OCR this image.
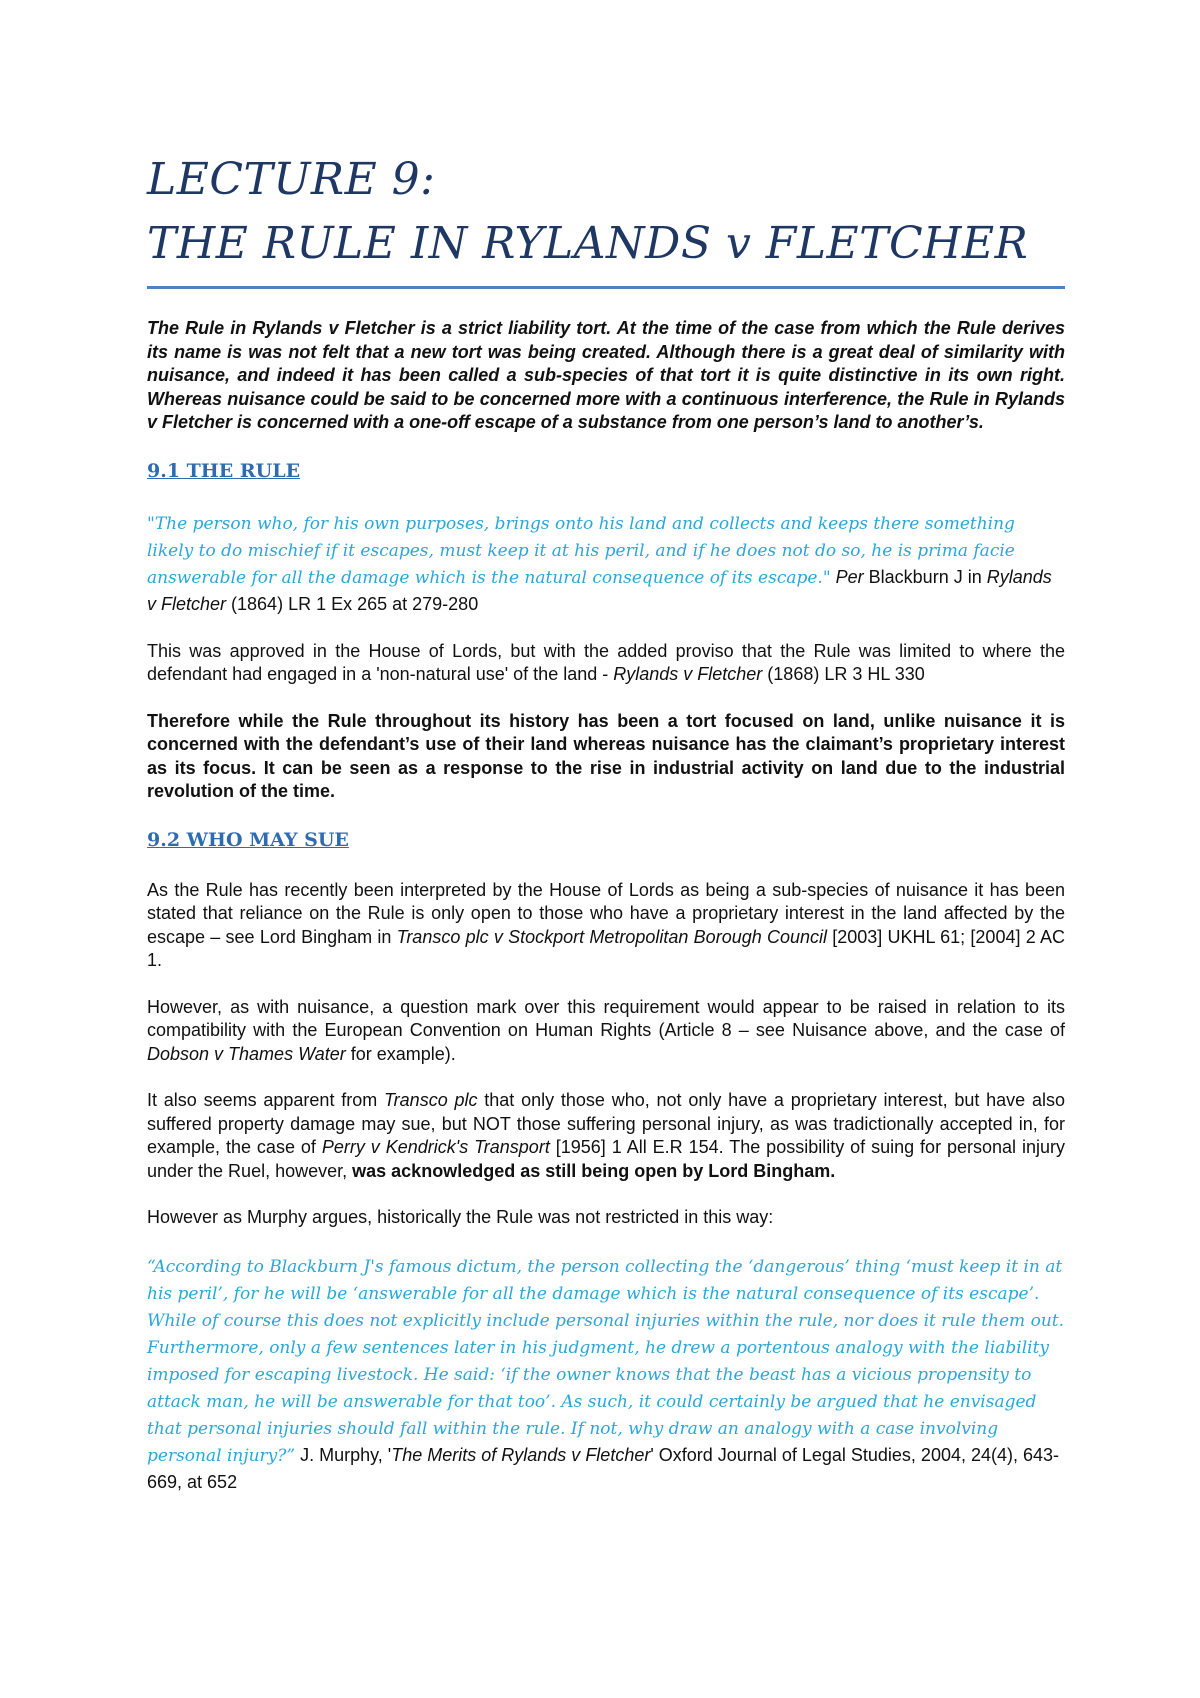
LECTURE 9:
THE RULE IN RYLANDS v FLETCHER

The Rule in Rylands v Fletcher is a strict liability tort. At the time of the case from which the Rule derives its name is was not felt that a new tort was being created. Although there is a great deal of similarity with nuisance, and indeed it has been called a sub-species of that tort it is quite distinctive in its own right. Whereas nuisance could be said to be concerned more with a continuous interference, the Rule in Rylands v Fletcher is concerned with a one-off escape of a substance from one person’s land to another’s.

9.1 THE RULE

"The person who, for his own purposes, brings onto his land and collects and keeps there something likely to do mischief if it escapes, must keep it at his peril, and if he does not do so, he is prima facie answerable for all the damage which is the natural consequence of its escape." Per Blackburn J in Rylands v Fletcher (1864) LR 1 Ex 265 at 279-280

This was approved in the House of Lords, but with the added proviso that the Rule was limited to where the defendant had engaged in a 'non-natural use' of the land - Rylands v Fletcher (1868) LR 3 HL 330

Therefore while the Rule throughout its history has been a tort focused on land, unlike nuisance it is concerned with the defendant’s use of their land whereas nuisance has the claimant’s proprietary interest as its focus. It can be seen as a response to the rise in industrial activity on land due to the industrial revolution of the time.

9.2 WHO MAY SUE

As the Rule has recently been interpreted by the House of Lords as being a sub-species of nuisance it has been stated that reliance on the Rule is only open to those who have a proprietary interest in the land affected by the escape – see Lord Bingham in Transco plc v Stockport Metropolitan Borough Council [2003] UKHL 61; [2004] 2 AC 1.

However, as with nuisance, a question mark over this requirement would appear to be raised in relation to its compatibility with the European Convention on Human Rights (Article 8 – see Nuisance above, and the case of Dobson v Thames Water for example).

It also seems apparent from Transco plc that only those who, not only have a proprietary interest, but have also suffered property damage may sue, but NOT those suffering personal injury, as was tradictionally accepted in, for example, the case of Perry v Kendrick's Transport [1956] 1 All E.R 154. The possibility of suing for personal injury under the Ruel, however, was acknowledged as still being open by Lord Bingham.

However as Murphy argues, historically the Rule was not restricted in this way:

“According to Blackburn J's famous dictum, the person collecting the ‘dangerous’ thing ‘must keep it in at his peril’, for he will be ‘answerable for all the damage which is the natural consequence of its escape’. While of course this does not explicitly include personal injuries within the rule, nor does it rule them out. Furthermore, only a few sentences later in his judgment, he drew a portentous analogy with the liability imposed for escaping livestock. He said: ‘if the owner knows that the beast has a vicious propensity to attack man, he will be answerable for that too’. As such, it could certainly be argued that he envisaged that personal injuries should fall within the rule. If not, why draw an analogy with a case involving personal injury?” J. Murphy, 'The Merits of Rylands v Fletcher' Oxford Journal of Legal Studies, 2004, 24(4), 643-669, at 652
